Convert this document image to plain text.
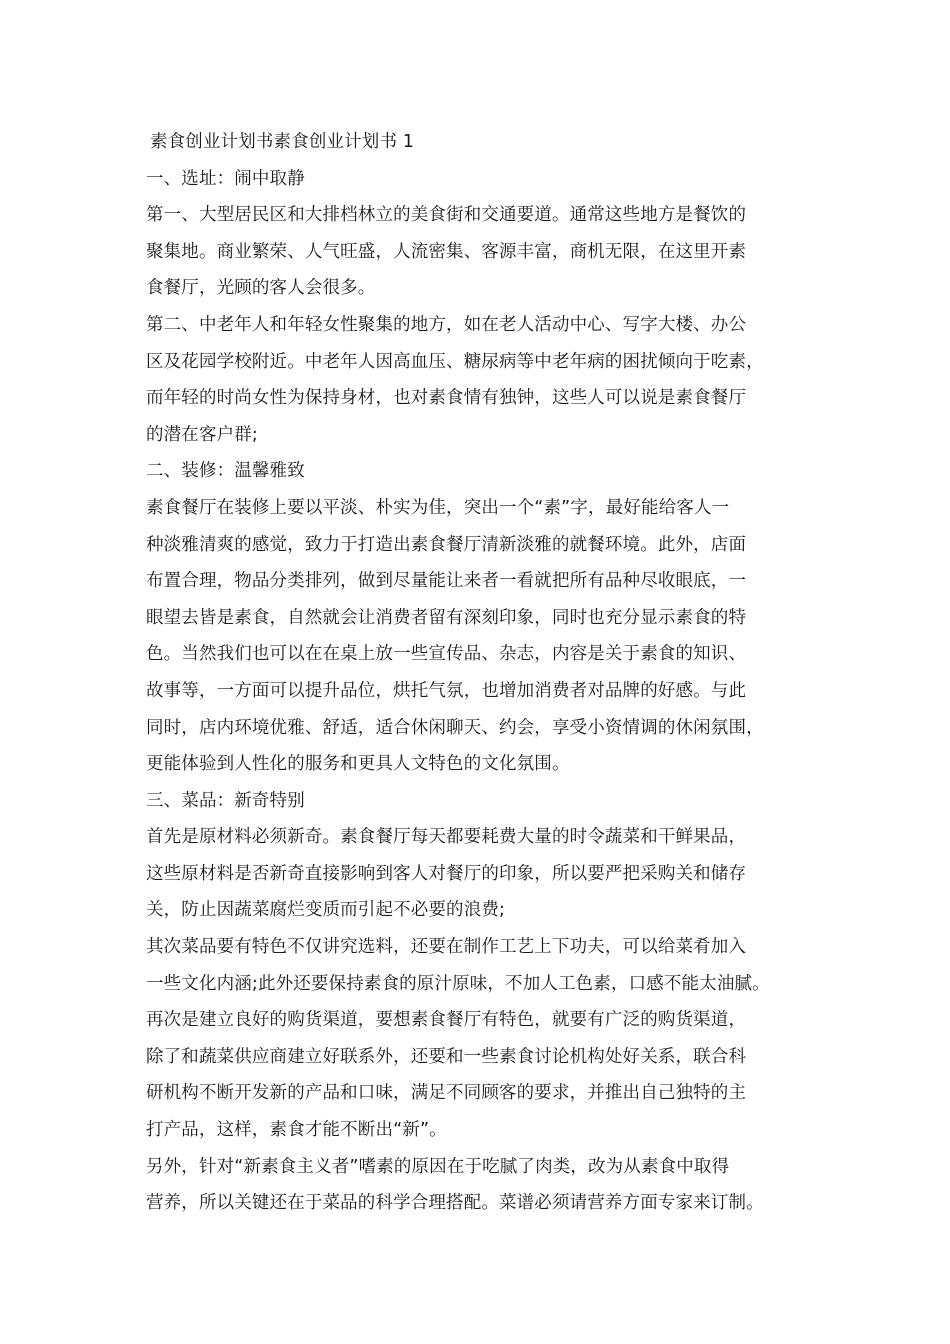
素食创业计划书素食创业计划书 1
一、选址：闹中取静
第一、大型居民区和大排档林立的美食街和交通要道。通常这些地方是餐饮的
聚集地。商业繁荣、人气旺盛，人流密集、客源丰富，商机无限，在这里开素
食餐厅，光顾的客人会很多。
第二、中老年人和年轻女性聚集的地方，如在老人活动中心、写字大楼、办公
区及花园学校附近。中老年人因高血压、糖尿病等中老年病的困扰倾向于吃素，
而年轻的时尚女性为保持身材，也对素食情有独钟，这些人可以说是素食餐厅
的潜在客户群;
二、装修：温馨雅致
素食餐厅在装修上要以平淡、朴实为佳，突出一个“素”字，最好能给客人一
种淡雅清爽的感觉，致力于打造出素食餐厅清新淡雅的就餐环境。此外，店面
布置合理，物品分类排列，做到尽量能让来者一看就把所有品种尽收眼底，一
眼望去皆是素食，自然就会让消费者留有深刻印象，同时也充分显示素食的特
色。当然我们也可以在在桌上放一些宣传品、杂志，内容是关于素食的知识、
故事等，一方面可以提升品位，烘托气氛，也增加消费者对品牌的好感。与此
同时，店内环境优雅、舒适，适合休闲聊天、约会，享受小资情调的休闲氛围，
更能体验到人性化的服务和更具人文特色的文化氛围。
三、菜品：新奇特别
首先是原材料必须新奇。素食餐厅每天都要耗费大量的时令蔬菜和干鲜果品，
这些原材料是否新奇直接影响到客人对餐厅的印象，所以要严把采购关和储存
关，防止因蔬菜腐烂变质而引起不必要的浪费;
其次菜品要有特色不仅讲究选料，还要在制作工艺上下功夫，可以给菜肴加入
一些文化内涵;此外还要保持素食的原汁原味，不加人工色素，口感不能太油腻。
再次是建立良好的购货渠道，要想素食餐厅有特色，就要有广泛的购货渠道，
除了和蔬菜供应商建立好联系外，还要和一些素食讨论机构处好关系，联合科
研机构不断开发新的产品和口味，满足不同顾客的要求，并推出自己独特的主
打产品，这样，素食才能不断出“新”。
另外，针对“新素食主义者”嗜素的原因在于吃腻了肉类，改为从素食中取得
营养，所以关键还在于菜品的科学合理搭配。菜谱必须请营养方面专家来订制。
